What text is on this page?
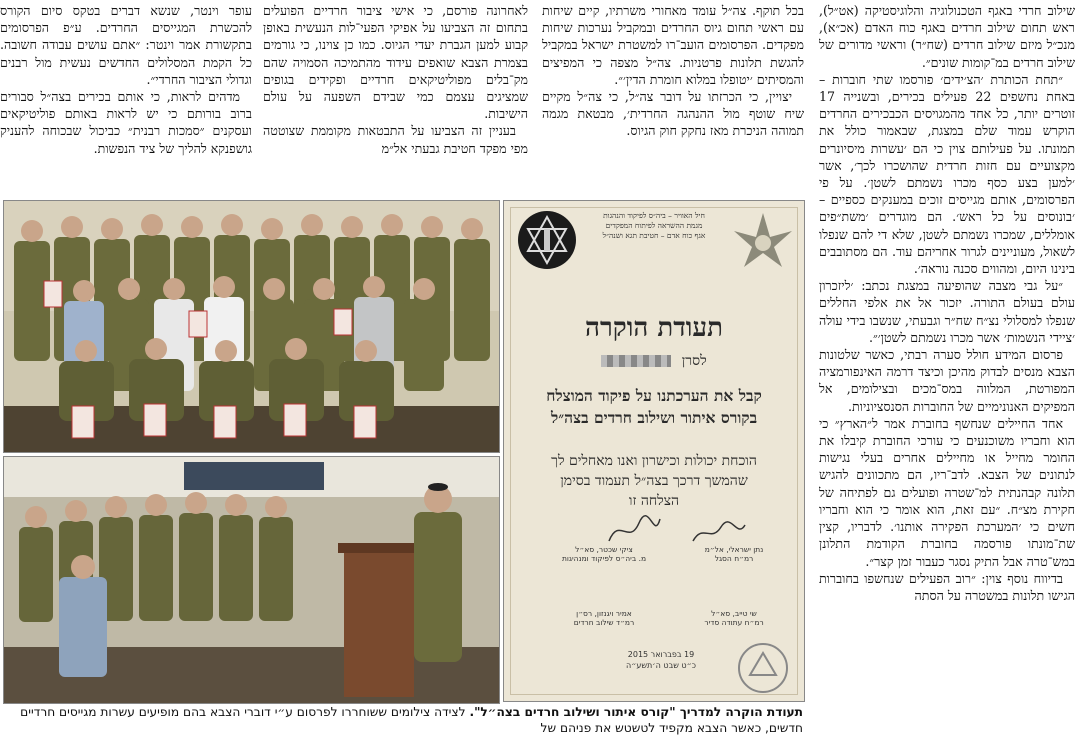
שילוב חרדי באגף הטכנולוגיה והלוגיסטיקה (אט״ל), ראש תחום שילוב חרדים באגף כוח האדם (אכ״א), מנכ״ל מיזם שילוב חרדים (שח״ר) וראשי מדורים של שילוב חרדים במ־קומות שונים״.

״תחת הכותרת ׳הצ׳ידים׳ פורסמו שתי חוברות – באחת נחשפים 22 פעילים בכירים, ובשנייה 17 זוטרים יותר, כל אחד מהמגויסים הכבכירים החרדים הוקרש עמוד שלם במצגת, שבאמור כולל את תמונתו. על פעילותם צוין כי הם ׳עשרות מיסיונרים מקצועיים עם חזות חרדית שהושכרו לכך׳, אשר ׳למען בצע כסף מכרו נשמתם לשטן׳. על פי הפרסומים, אותם מגייסים זוכים במענקים כספיים – ׳בונוסים על כל ראש׳. הם מוגדרים ׳משת״פים אומללים, שמכרו נשמתם לשטן, שלא די להם שנפלו לשאול, מעוניינים לגרור אחריהם עוד. הם מסתובבים בינינו היום, ומהווים סכנה נוראה׳.

״על גבי מצבה שהופיעה במצגת נכתב: ׳ליזכרון עולם בעולם התורה. יזכור אל את אלפי החללים שנפלו למסלולי נצ״ח שח״ר וגבעתי, שנשבו בידי עולה ׳ציידי הנשמות׳ אשר מכרו נשמתם לשטן׳״.

פרסום המידע חולל סערה רבתי, כאשר שלטונות הצבא מנסים לבדוק מהיכן וכיצד דרמה האינפורמציה המפורטת, המלווה במס־מכים ובצילומים, אל המפיקים האנונימיים של החוברות הסנסציוניות.

אחד החיילים שנחשף בחוברת אמר ל״הארץ״ כי הוא וחבריו משוכנעים כי עורכי החוברת קיבלו את החומר מחייל או מחיילים אחרים בעלי נגישות לנתונים של הצבא. לדב־ריו, הם מתכוונים להגיש תלונה קבהנתית למ־שטרה ופועלים גם לפתיחה של חקירת מצ״ח. ״עם זאת, הוא אומר כי הוא וחבריו חשים כי ׳המערכת הפקירה אותנו׳. לדבריו, קצין שת־מונתו פורסמה בחוברת הקודמת התלונן במש־טרה אבל התיק נסגר כעבור זמן קצר״.

בדיווח נוסף צוין: ״רוב הפעילים שנחשפו בחוברות הגישו תלונות במשטרה על הסתה

בכל תוקף. צה״ל עומד מאחורי משרתיו, קיים שיחות עם ראשי תחום גיוס החרדים ובמקביל נערכות שיחות מפקדים. הפרסומים הועב־רו למשטרת ישראל במקביל להגשת תלונות פרטניות. צה״ל מצפה כי המפיצים והמסיתים ׳יטופלו במלוא חומרת הדין׳״.

יצויין, כי הכרזתו על דובר צה״ל, כי צה״ל מקיים שיח שוטף מול ההנהגה החרדית׳, מבטאת מגמה תמוהה הניכרת מאז נחקק חוק הגיוס.

לאחרונה פורסם, כי אישי ציבור חרדיים הפועלים בתחום זה הצביעו על אפיקי הפעי־לות הנעשית באופן קבוע למען הגברת יעדי הגיוס. כמו כן צוינו, כי גורמים בצמרת הצבא שואפים עידוד מהתמיכה הסמויה שהם מק־בלים מפוליטיקאים חרדיים ופקידים בגופים שמציגים עצמם כמי שבידם השפעה על עולם הישיבות.

בעניין זה הצביעו על התבטאות מקוממת שצוטטה מפי מפקד חטיבת גבעתי אל״מ

עופר וינטר, שנשא דברים בטקס סיום הקורס להכשרת המגייסים החרדים. ע״פ הפרסומים בתקשורת אמר וינטר: ״אתם עושים עבודה חשובה. כל הקמת המסלולים החדשים נעשית מול רבנים וגדולי הציבור החרדי״.

מדהים לראות, כי אותם בכירים בצה״ל סבורים ברוב בורותם כי יש לראות באותם פוליטיקאים ועסקנים ״סמכות רבנית״ כביכול שבכוחה להעניק גושפנקא להליך של ציד הנפשות.

חיל האוויר – ביה״ס לפיקוד והנהגות
מגמת ההשראה לפיתוח המפקדים
אגף כוח אדם – חטיבת תגא ושנה״ל
תעודת הוקרה
לסרן
קבל את הערכתנו על פיקוד המוצלח
בקורס איתור ושילוב חרדים בצה״ל
הוכחת יכולות וכישרון ואנו מאחלים לך
שהמשך דרכך בצה״ל תעמוד בסימן
הצלחה זו
נתן ישראלי, אל״מ
רמ״ח הסגל
ציקי שכטר, סא״ל
מ. ביה״ס לפיקוד ומנהיגות
שי טייב, סא״ל
רמ״ח עתודה סדיר
אמיר ויגנזון, רס״ן
רמ״ד שילוב חרדים
19 בפברואר 2015
כ״ט שבט ה׳תשע״ה
תעודת הוקרה למדריך "קורס איתור ושילוב חרדים בצה״ל". לצידה צילומים ששוחררו לפרסום ע״י דוברי הצבא בהם מופיעים עשרות מגייסים חרדיים חדשים, כאשר הצבא מקפיד לטשטש את פניהם של
